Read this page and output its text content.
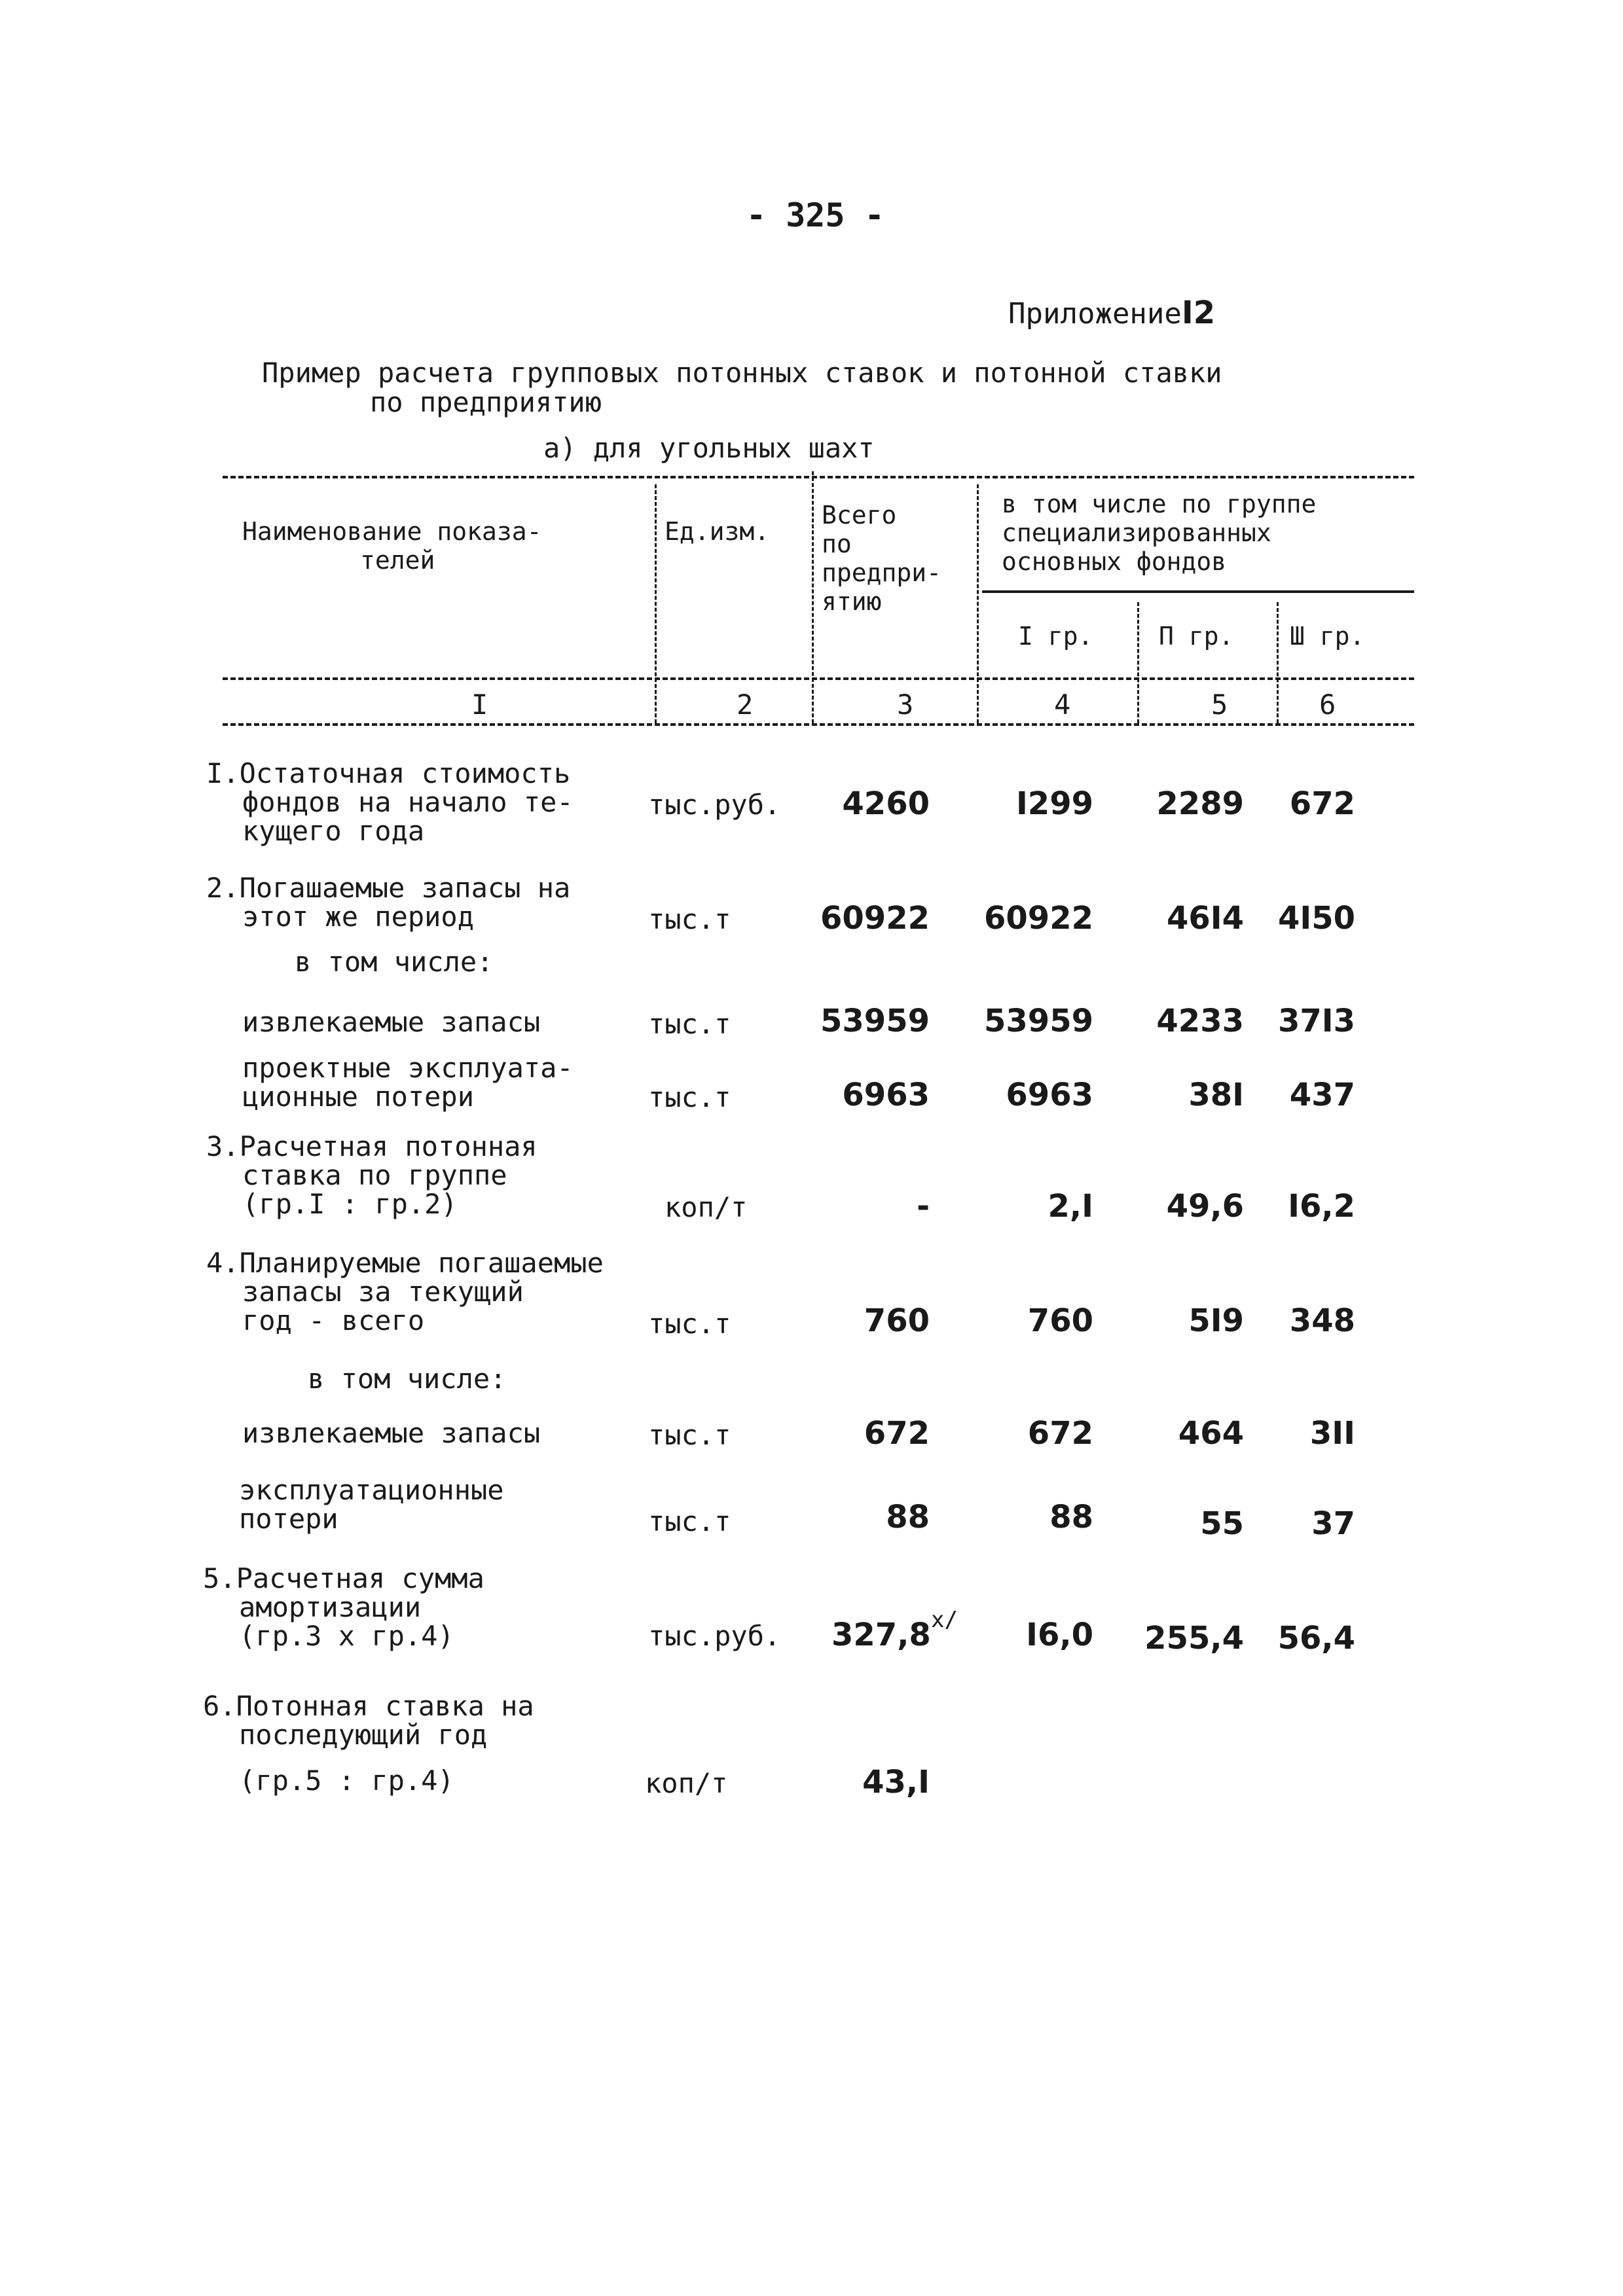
- 325 -
ПриложениеI2
Пример расчета групповых потонных ставок и потонной ставки
по предприятию
а) для угольных шахт
Наименование показа-
телей
Ед.изм.
Всего
по
предпри-
ятию
в том числе по группе
специализированных
основных фондов
I гр.	П гр. Ш гр.
I	2	3	4	5	6
I.Остаточная стоимость
фондов на начало те-
кущего года
тыс.руб.	4260	I299	2289	672
2.Погашаемые запасы на
этот же период	тыс.т	60922	60922	46I4	4I50
в том числе:
извлекаемые запасы	тыс.т	53959	53959	4233	37I3
проектные эксплуата-
ционные потери	тыс.т	6963	6963	38I	437
3.Расчетная потонная
ставка по группе
(гр.I : гр.2)	коп/т	-	2,I	49,6	I6,2
4.Планируемые погашаемые
запасы за текущий
год - всего	тыс.т	760	760	5I9	348
в том числе:
извлекаемые запасы	тыс.т	672	672	464	3II
эксплуатационные
потери	тыс.т	88	88	55	37
5.Расчетная сумма
амортизации
(гр.3 х гр.4)	тыс.руб. 327,8 х/	I6,0	255,4	56,4
6.Потонная ставка на
последующий год
(гр.5 : гр.4)	коп/т	43,I
